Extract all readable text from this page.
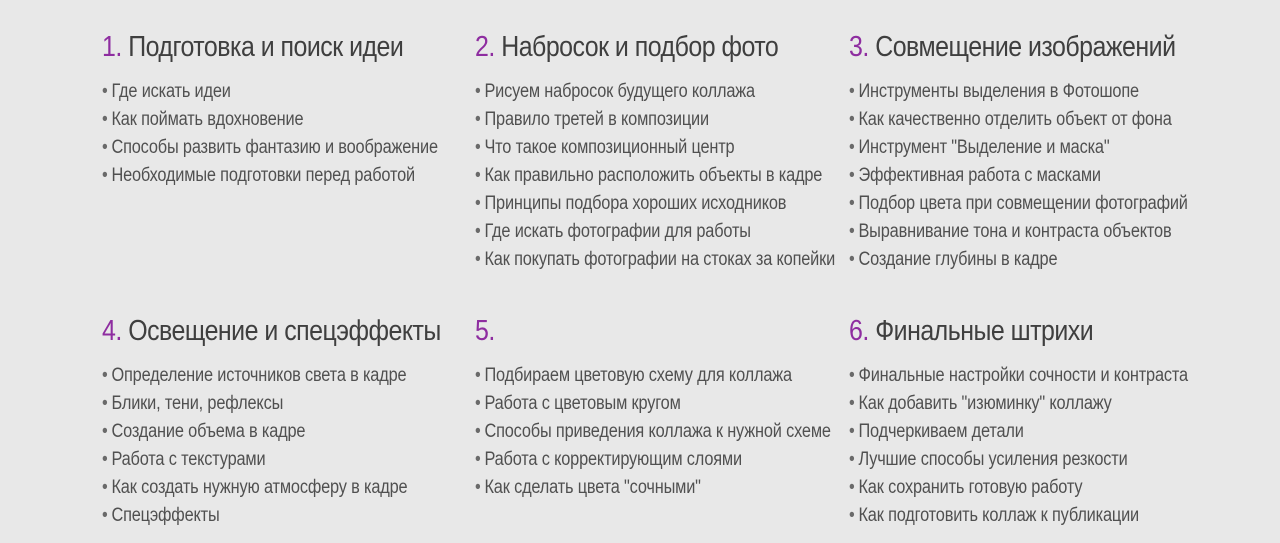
1. Подготовка и поиск идеи
• Где искать идеи
• Как поймать вдохновение
• Способы развить фантазию и воображение
• Необходимые подготовки перед работой
2. Набросок и подбор фото
• Рисуем набросок будущего коллажа
• Правило третей в композиции
• Что такое композиционный центр
• Как правильно расположить объекты в кадре
• Принципы подбора хороших исходников
• Где искать фотографии для работы
• Как покупать фотографии на стоках за копейки
3. Совмещение изображений
• Инструменты выделения в Фотошопе
• Как качественно отделить объект от фона
• Инструмент "Выделение и маска"
• Эффективная работа с масками
• Подбор цвета при совмещении фотографий
• Выравнивание тона и контраста объектов
• Создание глубины в кадре
4. Освещение и спецэффекты
• Определение источников света в кадре
• Блики, тени, рефлексы
• Создание объема в кадре
• Работа с текстурами
• Как создать нужную атмосферу в кадре
• Спецэффекты
5.
• Подбираем цветовую схему для коллажа
• Работа с цветовым кругом
• Способы приведения коллажа к нужной схеме
• Работа с корректирующим слоями
• Как сделать цвета "сочными"
6. Финальные штрихи
• Финальные настройки сочности и контраста
• Как добавить "изюминку" коллажу
• Подчеркиваем детали
• Лучшие способы усиления резкости
• Как сохранить готовую работу
• Как подготовить коллаж к публикации
